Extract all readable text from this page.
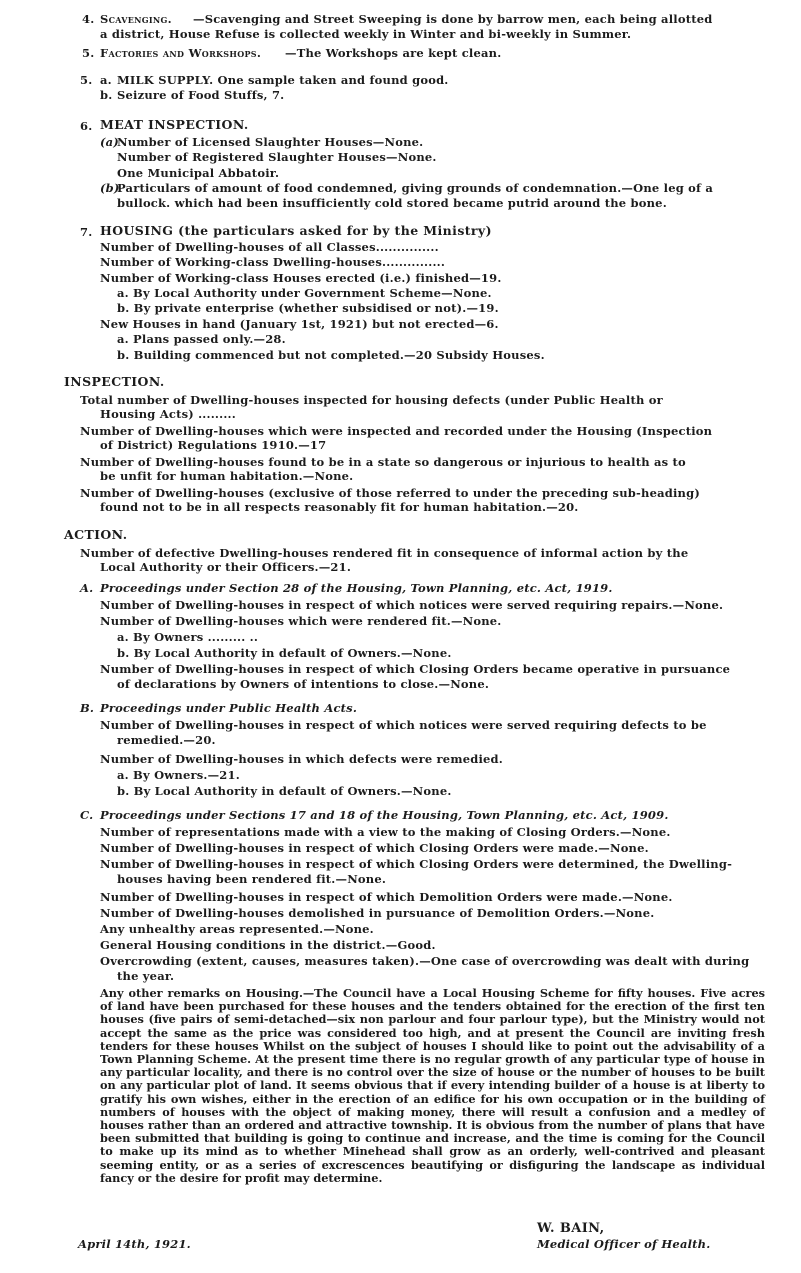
4. Scavenging. —Scavenging and Street Sweeping is done by barrow men, each being allotted
a district, House Refuse is collected weekly in Winter and bi-weekly in Summer.
5. Factories and Workshops. —The Workshops are kept clean.
5. a. MILK SUPPLY. One sample taken and found good.
b. Seizure of Food Stuffs, 7.
6. MEAT INSPECTION.
(a)
Number of Licensed Slaughter Houses—None.
Number of Registered Slaughter Houses—None.
One Municipal Abbatoir.
(b)
Particulars of amount of food condemned, giving grounds of condemnation.—One leg of a
bullock. which had been insufficiently cold stored became putrid around the bone.
7. HOUSING (the particulars asked for by the Ministry)
Number of Dwelling-houses of all Classes...............
Number of Working-class Dwelling-houses...............
Number of Working-class Houses erected (i.e.) finished—19.
a. By Local Authority under Government Scheme—None.
b. By private enterprise (whether subsidised or not).—19.
New Houses in hand (January 1st, 1921) but not erected—6.
a. Plans passed only.—28.
b. Building commenced but not completed.—20 Subsidy Houses.
INSPECTION.
Total number of Dwelling-houses inspected for housing defects (under Public Health or
Housing Acts) .........
Number of Dwelling-houses which were inspected and recorded under the Housing (Inspection
of District) Regulations 1910.—17
Number of Dwelling-houses found to be in a state so dangerous or injurious to health as to
be unfit for human habitation.—None.
Number of Dwelling-houses (exclusive of those referred to under the preceding sub-heading)
found not to be in all respects reasonably fit for human habitation.—20.
ACTION.
Number of defective Dwelling-houses rendered fit in consequence of informal action by the
Local Authority or their Officers.—21.
A. Proceedings under Section 28 of the Housing, Town Planning, etc. Act, 1919.
Number of Dwelling-houses in respect of which notices were served requiring repairs.—None.
Number of Dwelling-houses which were rendered fit.—None.
a. By Owners ......... ..
b. By Local Authority in default of Owners.—None.
Number of Dwelling-houses in respect of which Closing Orders became operative in pursuance
of declarations by Owners of intentions to close.—None.
B. Proceedings under Public Health Acts.
Number of Dwelling-houses in respect of which notices were served requiring defects to be
remedied.—20.
Number of Dwelling-houses in which defects were remedied.
a. By Owners.—21.
b. By Local Authority in default of Owners.—None.
C. Proceedings under Sections 17 and 18 of the Housing, Town Planning, etc. Act, 1909.
Number of representations made with a view to the making of Closing Orders.—None.
Number of Dwelling-houses in respect of which Closing Orders were made.—None.
Number of Dwelling-houses in respect of which Closing Orders were determined, the Dwelling-
houses having been rendered fit.—None.
Number of Dwelling-houses in respect of which Demolition Orders were made.—None.
Number of Dwelling-houses demolished in pursuance of Demolition Orders.—None.
Any unhealthy areas represented.—None.
General Housing conditions in the district.—Good.
Overcrowding (extent, causes, measures taken).—One case of overcrowding was dealt with during
the year.
Any other remarks on Housing.—The Council have a Local Housing Scheme for fifty houses. Five acres of land have been purchased for these houses and the tenders obtained for the erection of the first ten houses (five pairs of semi-detached—six non parlour and four parlour type), but the Ministry would not accept the same as the price was considered too high, and at present the Council are inviting fresh tenders for these houses Whilst on the subject of houses I should like to point out the advisability of a Town Planning Scheme. At the present time there is no regular growth of any particular type of house in any particular locality, and there is no control over the size of house or the number of houses to be built on any particular plot of land. It seems obvious that if every intending builder of a house is at liberty to gratify his own wishes, either in the erection of an edifice for his own occupation or in the building of numbers of houses with the object of making money, there will result a confusion and a medley of houses rather than an ordered and attractive township. It is obvious from the number of plans that have been submitted that building is going to continue and increase, and the time is coming for the Council to make up its mind as to whether Minehead shall grow as an orderly, well-contrived and pleasant seeming entity, or as a series of excrescences beautifying or disfiguring the landscape as individual fancy or the desire for profit may determine.
April 14th, 1921.
W. BAIN,
Medical Officer of Health.
